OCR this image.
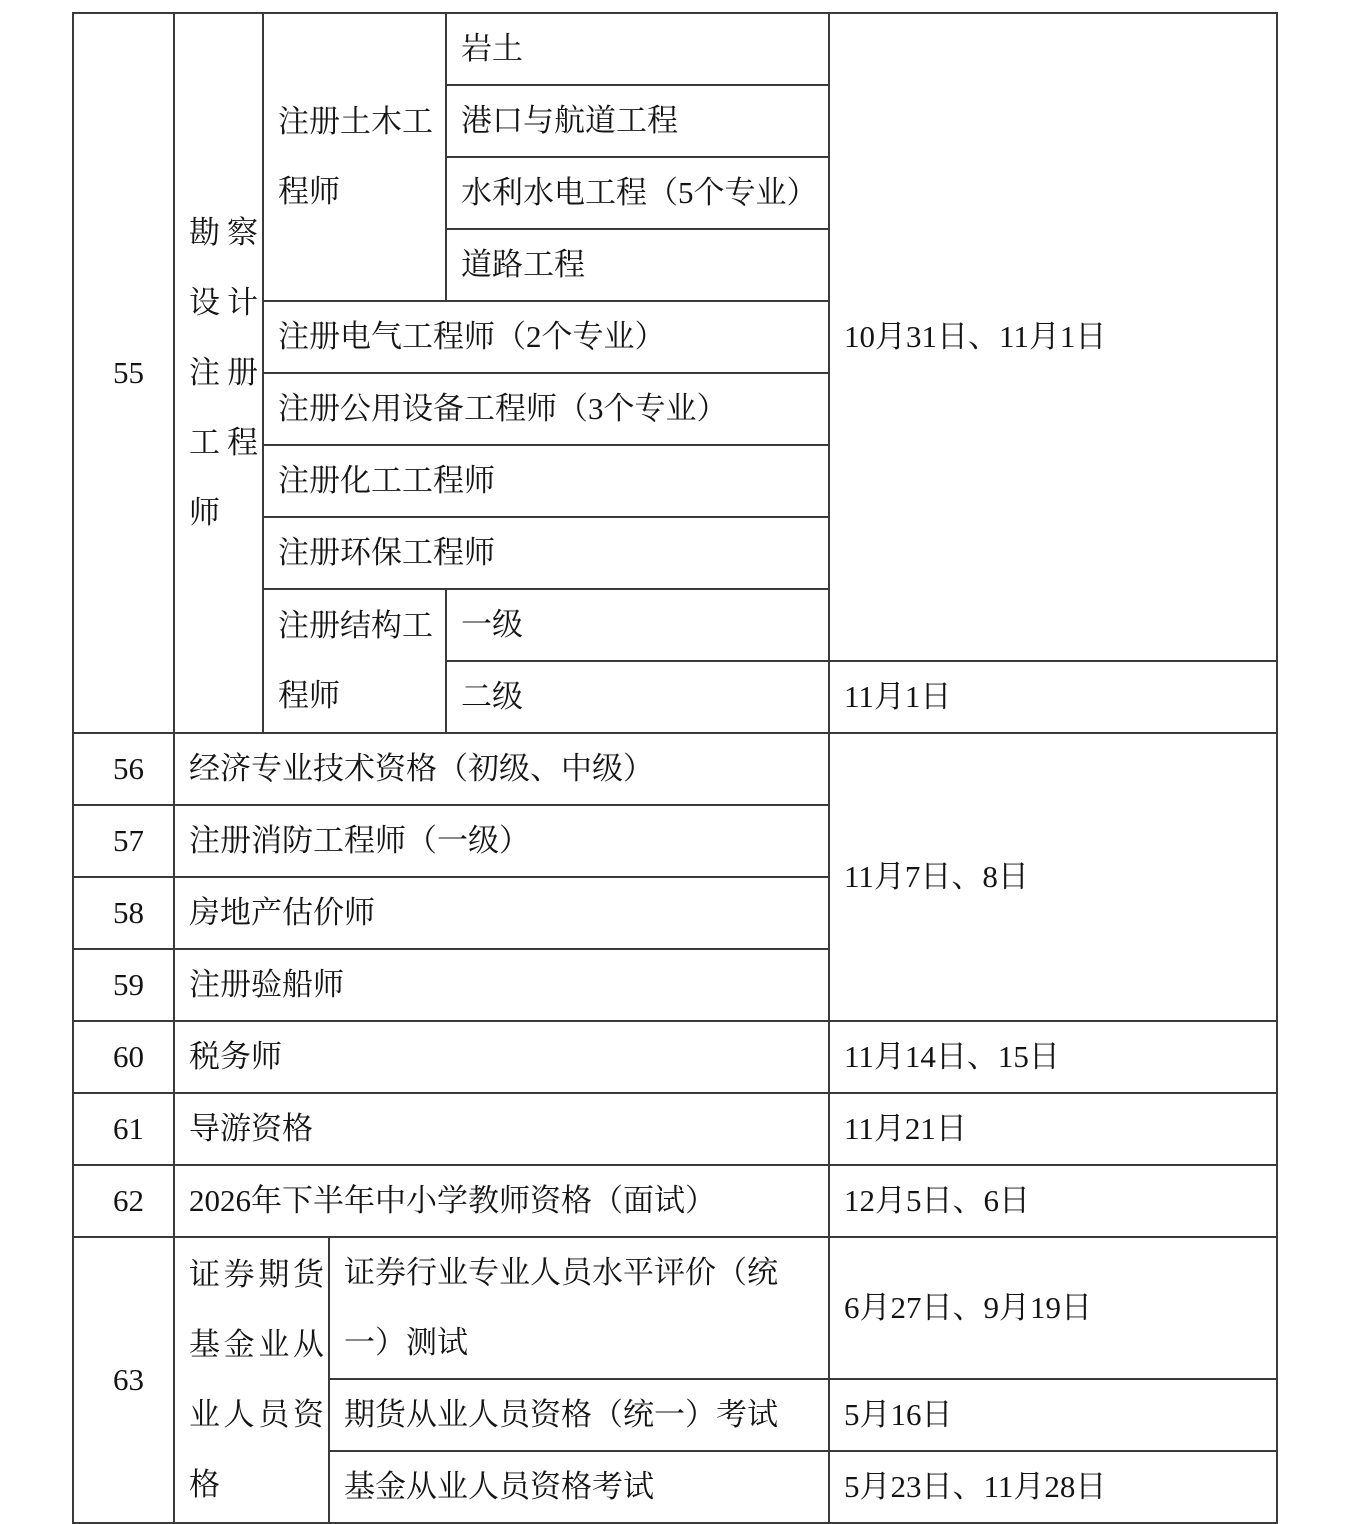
55	勘察设计注册工程师	注册土木工程师		岩土	10月31日、11月1日
				港口与航道工程	
				水利水电工程（5个专业）	
				道路工程	
		注册电气工程师（2个专业）			
		注册公用设备工程师（3个专业）			
		注册化工工程师			
		注册环保工程师			
		注册结构工程师		一级	
				二级	11月1日
56	经济专业技术资格（初级、中级）				11月7日、8日
57	注册消防工程师（一级）				
58	房地产估价师				
59	注册验船师				
60	税务师				11月14日、15日
61	导游资格				11月21日
62	2026年下半年中小学教师资格（面试）				12月5日、6日
63	证券期货基金业从业人员资格		证券行业专业人员水平评价（统一）测试		6月27日、9月19日
			期货从业人员资格（统一）考试		5月16日
			基金从业人员资格考试		5月23日、11月28日
